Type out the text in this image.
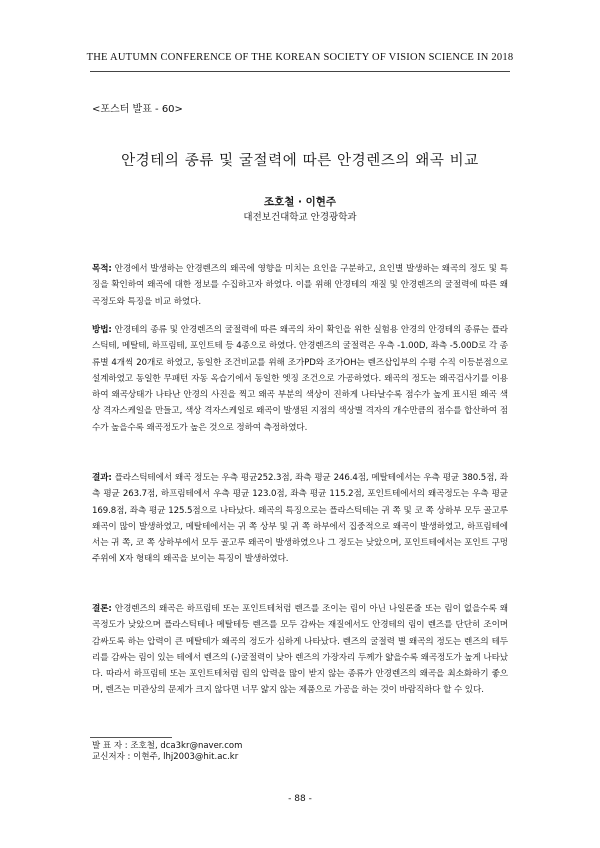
THE AUTUMN CONFERENCE OF THE KOREAN SOCIETY OF VISION SCIENCE IN 2018
<포스터 발표 - 60>
안경테의 종류 및 굴절력에 따른 안경렌즈의 왜곡 비교
조호철 · 이현주
대전보건대학교 안경광학과
목적: 안경에서 발생하는 안경렌즈의 왜곡에 영향을 미치는 요인을 구분하고, 요인별 발생하는 왜곡의 정도 및 특징을 확인하여 왜곡에 대한 정보를 수집하고자 하였다. 이를 위해 안경테의 재질 및 안경렌즈의 굴절력에 따른 왜곡정도와 특징을 비교 하였다.
방법: 안경테의 종류 및 안경렌즈의 굴절력에 따른 왜곡의 차이 확인을 위한 실험용 안경의 안경테의 종류는 플라스틱테, 메탈테, 하프림테, 포인트테 등 4종으로 하였다. 안경렌즈의 굴절력은 우측 -1.00D, 좌측 -5.00D로 각 종류별 4개씩 20개로 하였고, 동일한 조건비교를 위해 조가PD와 조가OH는 렌즈삽입부의 수평 수직 이등분점으로 설계하였고 동일한 무패턴 자동 옥습기에서 동일한 엣징 조건으로 가공하였다. 왜곡의 정도는 왜곡검사기를 이용하여 왜곡상태가 나타난 안경의 사진을 찍고 왜곡 부분의 색상이 진하게 나타날수록 점수가 높게 표시된 왜곡 색상 격자스케일을 만들고, 색상 격자스케일로 왜곡이 발생된 지점의 색상별 격자의 개수만큼의 점수를 합산하여 점수가 높을수록 왜곡정도가 높은 것으로 정하여 측정하였다.
결과: 플라스틱테에서 왜곡 정도는 우측 평균252.3점, 좌측 평균 246.4점, 메탈테에서는 우측 평균 380.5점, 좌측 평균 263.7점, 하프림테에서 우측 평균 123.0점, 좌측 평균 115.2점, 포인트테에서의 왜곡정도는 우측 평균 169.8점, 좌측 평균 125.5점으로 나타났다. 왜곡의 특징으로는 플라스틱테는 귀 쪽 및 코 쪽 상하부 모두 골고루 왜곡이 많이 발생하였고, 메탈테에서는 귀 쪽 상부 및 귀 쪽 하부에서 집중적으로 왜곡이 발생하였고, 하프림테에서는 귀 쪽, 코 쪽 상하부에서 모두 골고루 왜곡이 발생하였으나 그 정도는 낮았으며, 포인트테에서는 포인트 구멍 주위에 X자 형태의 왜곡을 보이는 특징이 발생하였다.
결론: 안경렌즈의 왜곡은 하프림테 또는 포인트테처럼 렌즈를 조이는 림이 아닌 나일론줄 또는 림이 없을수록 왜곡정도가 낮았으며 플라스틱테나 메탈테등 렌즈를 모두 감싸는 재질에서도 안경테의 림이 렌즈를 단단히 조이며 감싸도록 하는 압력이 큰 메탈테가 왜곡의 정도가 심하게 나타났다. 렌즈의 굴절력 별 왜곡의 정도는 렌즈의 테두리를 감싸는 림이 있는 테에서 렌즈의 (-)굴절력이 낮아 렌즈의 가장자리 두께가 얇을수록 왜곡정도가 높게 나타났다. 따라서 하프림테 또는 포인트테처럼 림의 압력을 많이 받지 않는 종류가 안경렌즈의 왜곡을 최소화하기 좋으며, 렌즈는 미관상의 문제가 크지 않다면 너무 얇지 않는 제품으로 가공을 하는 것이 바람직하다 할 수 있다.
발 표 자 : 조호철, dca3kr@naver.com
교신저자 : 이현주, lhj2003@hit.ac.kr
- 88 -
